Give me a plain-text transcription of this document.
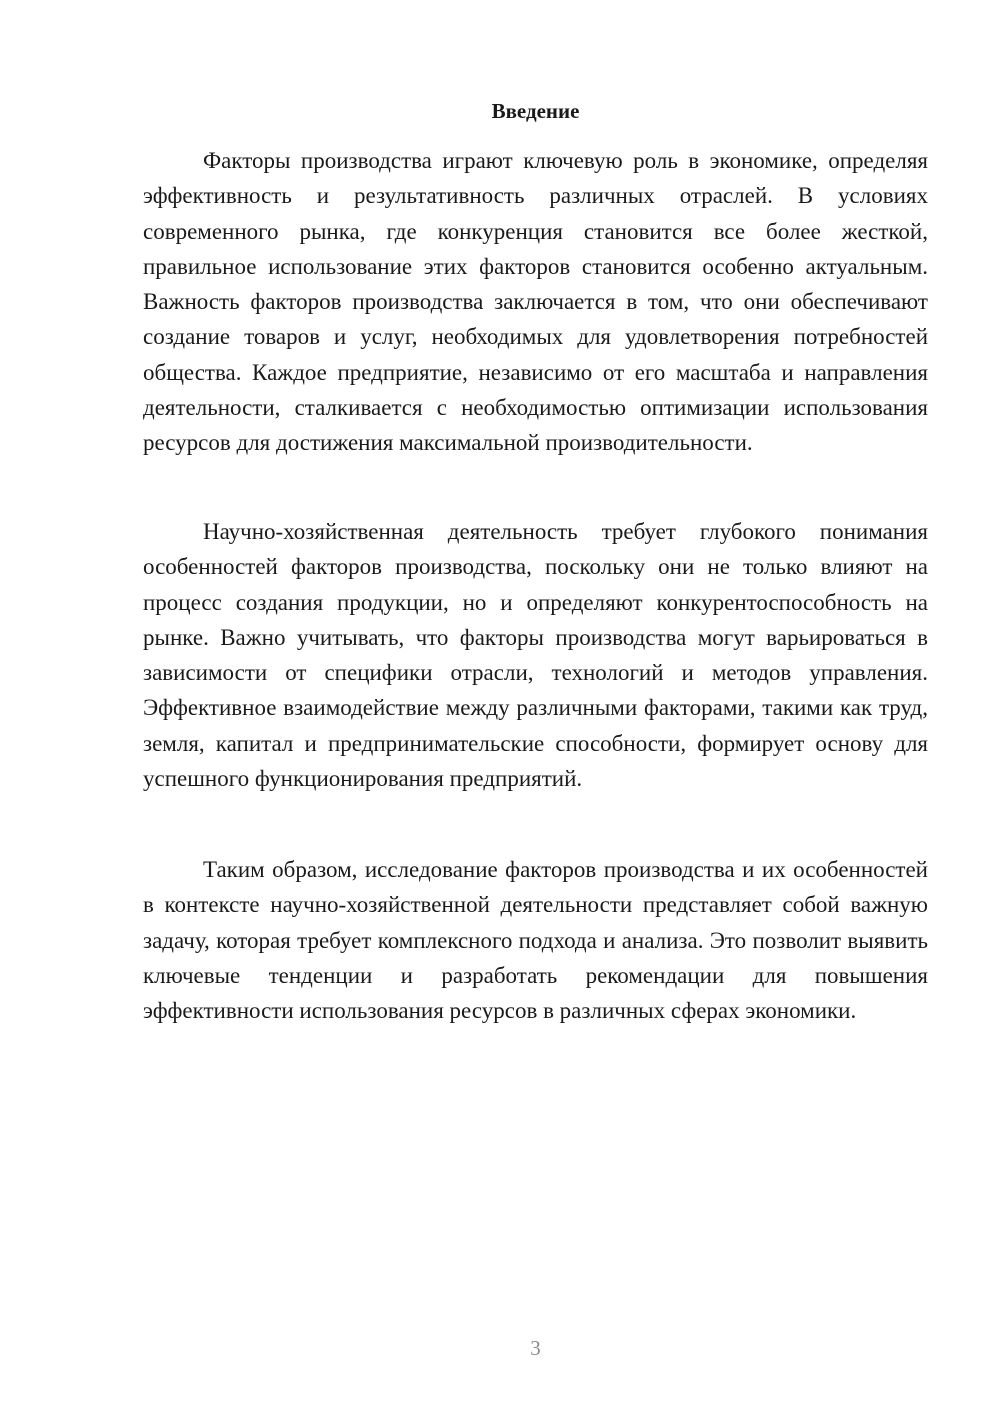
Введение

Факторы производства играют ключевую роль в экономике, определяя эффективность и результативность различных отраслей. В условиях современного рынка, где конкуренция становится все более жесткой, правильное использование этих факторов становится особенно актуальным. Важность факторов производства заключается в том, что они обеспечивают создание товаров и услуг, необходимых для удовлетворения потребностей общества. Каждое предприятие, независимо от его масштаба и направления деятельности, сталкивается с необходимостью оптимизации использования ресурсов для достижения максимальной производительности.

Научно-хозяйственная деятельность требует глубокого понимания особенностей факторов производства, поскольку они не только влияют на процесс создания продукции, но и определяют конкурентоспособность на рынке. Важно учитывать, что факторы производства могут варьироваться в зависимости от специфики отрасли, технологий и методов управления. Эффективное взаимодействие между различными факторами, такими как труд, земля, капитал и предпринимательские способности, формирует основу для успешного функционирования предприятий.

Таким образом, исследование факторов производства и их особенностей в контексте научно-хозяйственной деятельности представляет собой важную задачу, которая требует комплексного подхода и анализа. Это позволит выявить ключевые тенденции и разработать рекомендации для повышения эффективности использования ресурсов в различных сферах экономики.

3
